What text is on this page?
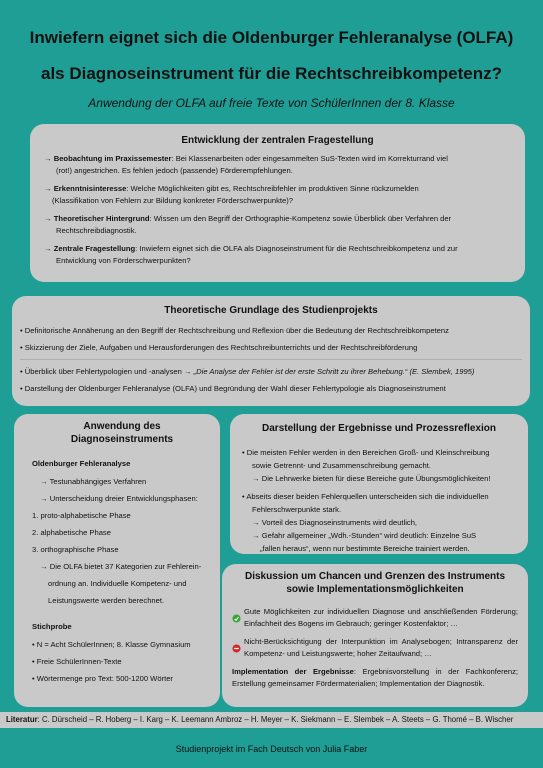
Inwiefern eignet sich die Oldenburger Fehleranalyse (OLFA)
als Diagnoseinstrument für die Rechtschreibkompetenz?
Anwendung der OLFA auf freie Texte von SchülerInnen der 8. Klasse
Entwicklung der zentralen Fragestellung
→ Beobachtung im Praxissemester: Bei Klassenarbeiten oder eingesammelten SuS-Texten wird im Korrekturrand viel
(rot!) angestrichen. Es fehlen jedoch (passende) Förderempfehlungen.
→ Erkenntnisinteresse: Welche Möglichkeiten gibt es, Rechtschreibfehler im produktiven Sinne rückzumelden
(Klassifikation von Fehlern zur Bildung konkreter Förderschwerpunkte)?
→ Theoretischer Hintergrund: Wissen um den Begriff der Orthographie-Kompetenz sowie Überblick über Verfahren der
Rechtschreibdiagnostik.
→ Zentrale Fragestellung: Inwiefern eignet sich die OLFA als Diagnoseinstrument für die Rechtschreibkompetenz und zur
Entwicklung von Förderschwerpunkten?
Theoretische Grundlage des Studienprojekts
• Definitorische Annäherung an den Begriff der Rechtschreibung und Reflexion über die Bedeutung der Rechtschreibkompetenz
• Skizzierung der Ziele, Aufgaben und Herausforderungen des Rechtschreibunterrichts und der Rechtschreibförderung
• Überblick über Fehlertypologien und -analysen → „Die Analyse der Fehler ist der erste Schritt zu ihrer Behebung.“ (E. Slembek, 1995)
• Darstellung der Oldenburger Fehleranalyse (OLFA) und Begründung der Wahl dieser Fehlertypologie als Diagnoseinstrument
Anwendung des
Diagnoseinstruments
Oldenburger Fehleranalyse
→ Testunabhängiges Verfahren
→ Unterscheidung dreier Entwicklungsphasen:
1. proto-alphabetische Phase
2. alphabetische Phase
3. orthographische Phase
→ Die OLFA bietet 37 Kategorien zur Fehlerein-
ordnung an. Individuelle Kompetenz- und
Leistungswerte werden berechnet.
Stichprobe
• N = Acht SchülerInnen; 8. Klasse Gymnasium
• Freie SchülerInnen-Texte
• Wörtermenge pro Text: 500-1200 Wörter
Darstellung der Ergebnisse und Prozessreflexion
• Die meisten Fehler werden in den Bereichen Groß- und Kleinschreibung
sowie Getrennt- und Zusammenschreibung gemacht.
→ Die Lehrwerke bieten für diese Bereiche gute Übungsmöglichkeiten!
• Abseits dieser beiden Fehlerquellen unterscheiden sich die individuellen
Fehlerschwerpunkte stark.
→ Vorteil des Diagnoseinstruments wird deutlich,
→ Gefahr allgemeiner „Wdh.-Stunden“ wird deutlich: Einzelne SuS
„fallen heraus“, wenn nur bestimmte Bereiche trainiert werden.
Diskussion um Chancen und Grenzen des Instruments
sowie Implementationsmöglichkeiten
Gute Möglichkeiten zur individuellen Diagnose und anschließenden Förderung; Einfachheit des Bogens im Gebrauch; geringer Kostenfaktor; …
Nicht-Berücksichtigung der Interpunktion im Analysebogen; Intransparenz der Kompetenz- und Leistungswerte; hoher Zeitaufwand; …
Implementation der Ergebnisse: Ergebnisvorstellung in der Fachkonferenz; Erstellung gemeinsamer Fördermaterialien; Implementation der Diagnostik.
Literatur: C. Dürscheid – R. Hoberg – I. Karg – K. Leemann Ambroz – H. Meyer – K. Siekmann – E. Slembek – A. Steets – G. Thomé – B. Wischer
Studienprojekt im Fach Deutsch von Julia Faber
